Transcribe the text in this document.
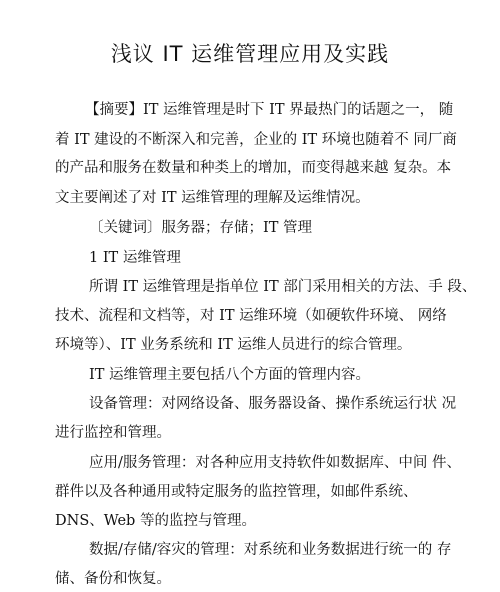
浅议 IT 运维管理应用及实践
【摘要】IT 运维管理是时下 IT 界最热门的话题之一， 随
着 IT 建设的不断深入和完善，企业的 IT 环境也随着不 同厂商
的产品和服务在数量和种类上的增加，而变得越来越 复杂。本
文主要阐述了对 IT 运维管理的理解及运维情况。
〔关键词〕服务器；存储；IT 管理
1 IT 运维管理
所谓 IT 运维管理是指单位 IT 部门采用相关的方法、手 段、
技术、流程和文档等，对 IT 运维环境（如硬软件环境、 网络
环境等）、IT 业务系统和 IT 运维人员进行的综合管理。
IT 运维管理主要包括八个方面的管理内容。
设备管理：对网络设备、服务器设备、操作系统运行状 况
进行监控和管理。
应用/服务管理：对各种应用支持软件如数据库、中间 件、
群件以及各种通用或特定服务的监控管理，如邮件系统、
DNS、Web 等的监控与管理。
数据/存储/容灾的管理：对系统和业务数据进行统一的 存
储、备份和恢复。
